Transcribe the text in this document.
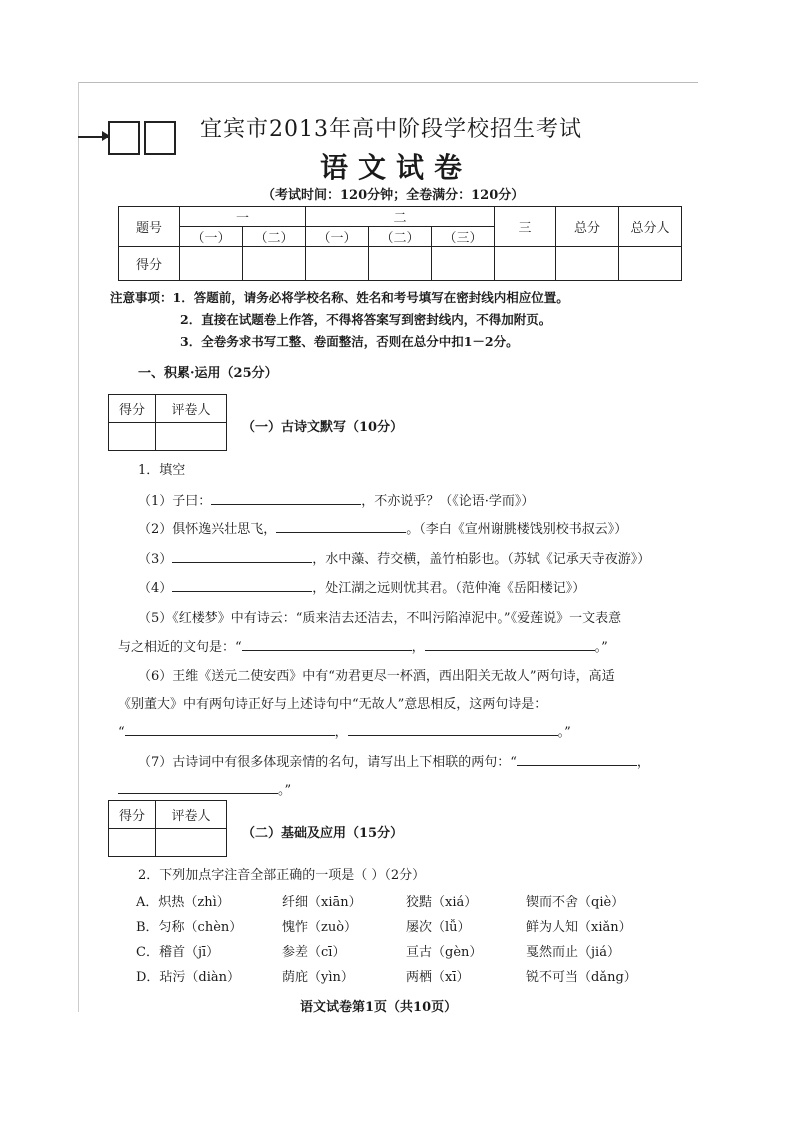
宜宾市2013年高中阶段学校招生考试
语文试卷
（考试时间：120分钟；全卷满分：120分）
题号	一		二			三	总分	总分人
	（一）	（二）	（一）	（二）	（三）			
得分								
注意事项：1．答题前，请务必将学校名称、姓名和考号填写在密封线内相应位置。
2．直接在试题卷上作答，不得将答案写到密封线内，不得加附页。
3．全卷务求书写工整、卷面整洁，否则在总分中扣1－2分。
一、积累·运用（25分）
得分	评卷人

（一）古诗文默写（10分）
1．填空
（1）子曰：	，不亦说乎？（《论语·学而》）
（2）俱怀逸兴壮思飞，	。（李白《宣州谢朓楼饯别校书叔云》）
（3）	，水中藻、荇交横，盖竹柏影也。（苏轼《记承天寺夜游》）
（4）	，处江湖之远则忧其君。（范仲淹《岳阳楼记》）
（5）《红楼梦》中有诗云：“质来洁去还洁去，不叫污陷淖泥中。”《爱莲说》一文表意
与之相近的文句是：“	，	。”
（6）王维《送元二使安西》中有“劝君更尽一杯酒，西出阳关无故人”两句诗，高适
《别董大》中有两句诗正好与上述诗句中“无故人”意思相反，这两句诗是：
“	，	。”
（7）古诗词中有很多体现亲情的名句，请写出上下相联的两句：“	，
。”
得分	评卷人

（二）基础及应用（15分）
2．下列加点字注音全部正确的一项是（ ）（2分）
A．炽热（zhì）	纤细（xiān）	狡黠（xiá）	锲而不舍（qiè）
B．匀称（chèn）	愧怍（zuò）	屡次（lǚ）	鲜为人知（xiǎn）
C．稽首（jī）	参差（cī）	亘古（gèn）	戛然而止（jiá）
D．玷污（diàn）	荫庇（yìn）	两栖（xī）	锐不可当（dǎng）
语文试卷第1页（共10页）
